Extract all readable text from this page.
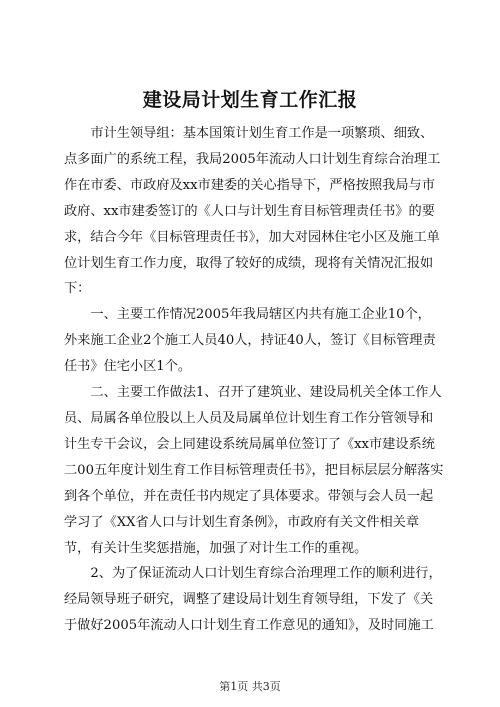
建设局计划生育工作汇报

市计生领导组：基本国策计划生育工作是一项繁琐、细致、点多面广的系统工程，我局2005年流动人口计划生育综合治理工作在市委、市政府及xx市建委的关心指导下，严格按照我局与市政府、xx市建委签订的《人口与计划生育目标管理责任书》的要求，结合今年《目标管理责任书》，加大对园林住宅小区及施工单位计划生育工作力度，取得了较好的成绩，现将有关情况汇报如下：

一、主要工作情况2005年我局辖区内共有施工企业10个，外来施工企业2个施工人员40人，持证40人，签订《目标管理责任书》住宅小区1个。

二、主要工作做法1、召开了建筑业、建设局机关全体工作人员、局属各单位股以上人员及局属单位计划生育工作分管领导和计生专干会议，会上同建设系统局属单位签订了《xx市建设系统二00五年度计划生育工作目标管理责任书》，把目标层层分解落实到各个单位，并在责任书内规定了具体要求。带领与会人员一起学习了《XX省人口与计划生育条例》，市政府有关文件相关章节，有关计生奖惩措施，加强了对计生工作的重视。

2、为了保证流动人口计划生育综合治理理工作的顺利进行，经局领导班子研究，调整了建设局计划生育领导组，下发了《关于做好2005年流动人口计划生育工作意见的通知》，及时同施工

第1页 共3页
